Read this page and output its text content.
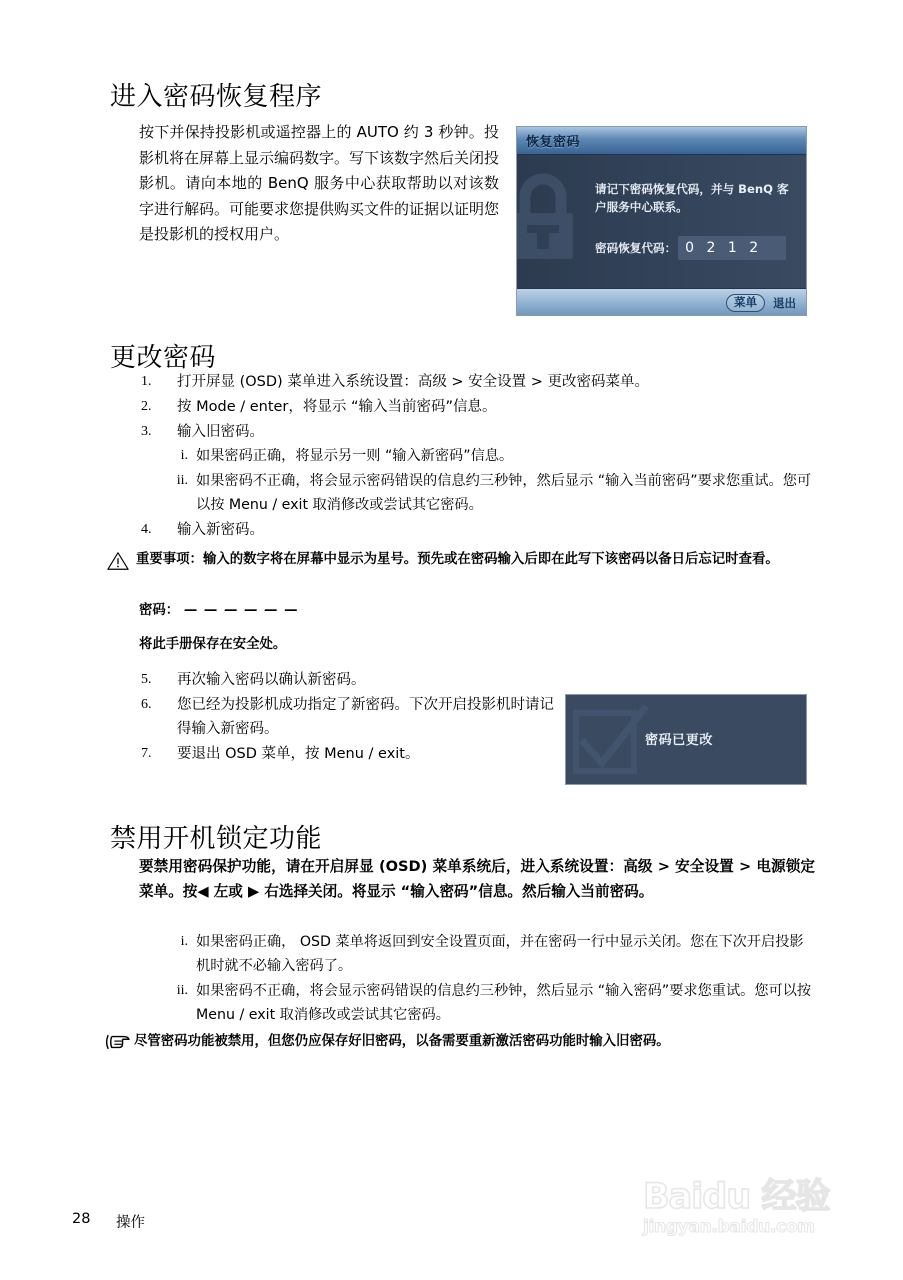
进入密码恢复程序
按下并保持投影机或遥控器上的 AUTO 约 3 秒钟。投影机将在屏幕上显示编码数字。写下该数字然后关闭投影机。请向本地的 BenQ 服务中心获取帮助以对该数字进行解码。可能要求您提供购买文件的证据以证明您是投影机的授权用户。
恢复密码
请记下密码恢复代码，并与 BenQ 客户服务中心联系。
密码恢复代码： 0 2 1 2
菜单	退出
更改密码
1.	打开屏显 (OSD) 菜单进入系统设置：高级 > 安全设置 > 更改密码菜单。
2.	按 Mode / enter，将显示 “输入当前密码”信息。
3.	输入旧密码。
i. 如果密码正确，将显示另一则 “输入新密码”信息。
ii. 如果密码不正确，将会显示密码错误的信息约三秒钟，然后显示 “输入当前密码”要求您重试。您可以按 Menu / exit 取消修改或尝试其它密码。
4.	输入新密码。
重要事项：输入的数字将在屏幕中显示为星号。预先或在密码输入后即在此写下该密码以备日后忘记时查看。
密码： — — — — — —
将此手册保存在安全处。
5.	再次输入密码以确认新密码。
6.	您已经为投影机成功指定了新密码。下次开启投影机时请记得输入新密码。
7.	要退出 OSD 菜单，按 Menu / exit。
密码已更改
禁用开机锁定功能
要禁用密码保护功能，请在开启屏显 (OSD) 菜单系统后，进入系统设置：高级 > 安全设置 > 电源锁定菜单。按◀ 左或 ▶ 右选择关闭。将显示 “输入密码”信息。然后输入当前密码。
i. 如果密码正确， OSD 菜单将返回到安全设置页面，并在密码一行中显示关闭。您在下次开启投影机时就不必输入密码了。
ii. 如果密码不正确，将会显示密码错误的信息约三秒钟，然后显示 “输入密码”要求您重试。您可以按 Menu / exit 取消修改或尝试其它密码。
尽管密码功能被禁用，但您仍应保存好旧密码，以备需要重新激活密码功能时输入旧密码。
28 操作
Baidu 经验
jingyan.baidu.com
